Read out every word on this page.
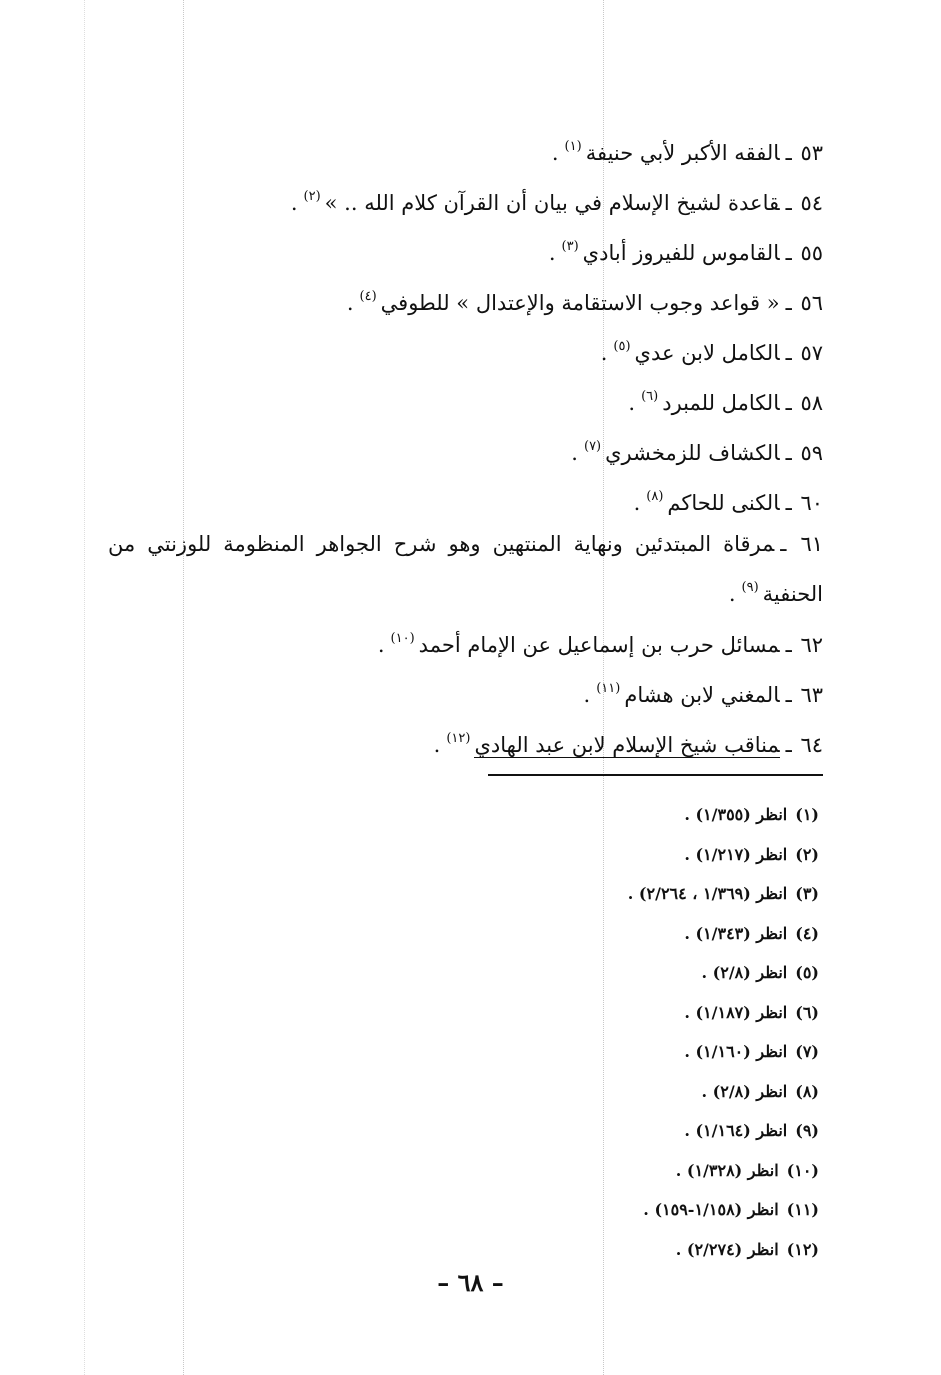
٥٣ ـالفقه الأكبر لأبي حنيفة$^{(١)}$.
٥٤ ـقاعدة لشيخ الإسلام في بيان أن القرآن كلام الله .. »$^{(٢)}$.
٥٥ ـالقاموس للفيروز أبادي$^{(٣)}$.
٥٦ ـ« قواعد وجوب الاستقامة والإعتدال » للطوفي$^{(٤)}$.
٥٧ ـالكامل لابن عدي$^{(٥)}$.
٥٨ ـالكامل للمبرد$^{(٦)}$.
٥٩ ـالكشاف للزمخشري$^{(٧)}$.
٦٠ ـالكنى للحاكم$^{(٨)}$.
٦١ ـمرقاة المبتدئين ونهاية المنتهين وهو شرح الجواهر المنظومة للوزنتي من الحنفية$^{(٩)}$.
٦٢ ـمسائل حرب بن إسماعيل عن الإمام أحمد$^{(١٠)}$.
٦٣ ـالمغني لابن هشام$^{(١١)}$.
٦٤ ـمناقب شيخ الإسلام لابن عبد الهادي$^{(١٢)}$.
(١)انظر (١/٣٥٥) .
(٢)انظر (١/٢١٧) .
(٣)انظر (١/٣٦٩ ، ٢/٢٦٤) .
(٤)انظر (١/٣٤٣) .
(٥)انظر (٢/٨) .
(٦)انظر (١/١٨٧) .
(٧)انظر (١/١٦٠) .
(٨)انظر (٢/٨) .
(٩)انظر (١/١٦٤) .
(١٠)انظر (١/٣٢٨) .
(١١)انظر (١/١٥٨-١٥٩) .
(١٢)انظر (٢/٢٧٤) .
– ٦٨ –
